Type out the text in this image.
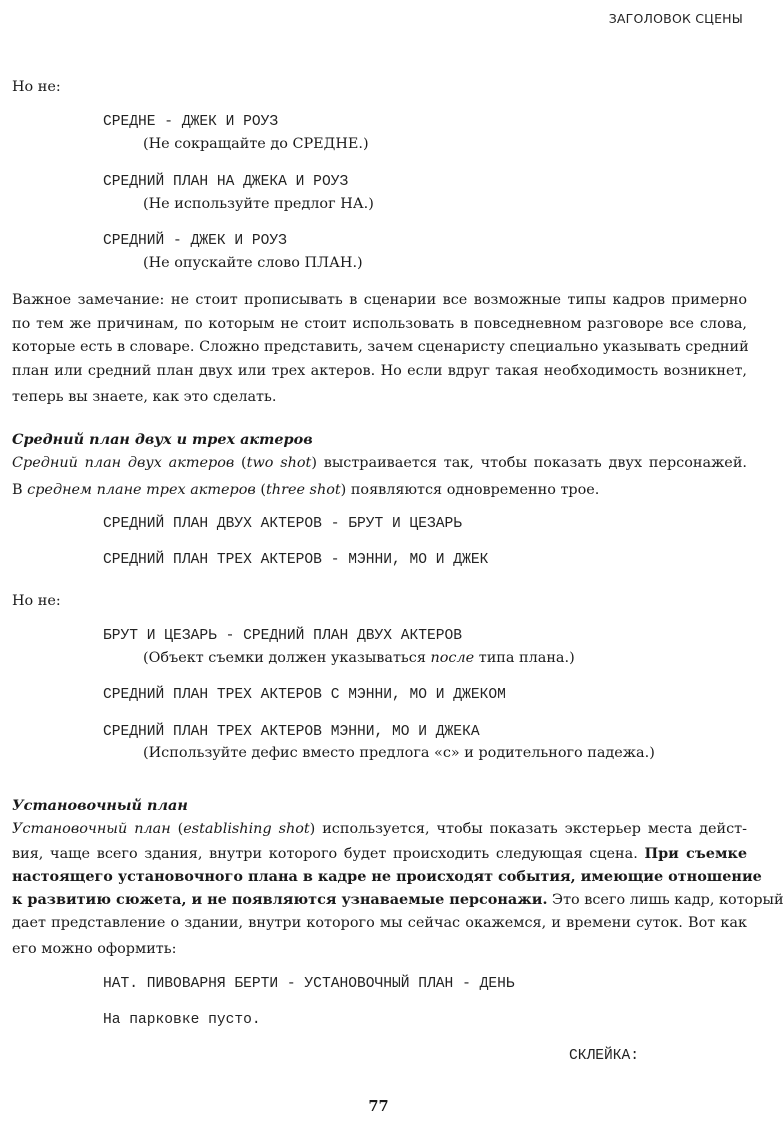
ЗАГОЛОВОК СЦЕНЫ
Но не:
СРЕДНЕ - ДЖЕК И РОУЗ
(Не сокращайте до СРЕДНЕ.)
СРЕДНИЙ ПЛАН НА ДЖЕКА И РОУЗ
(Не используйте предлог НА.)
СРЕДНИЙ - ДЖЕК И РОУЗ
(Не опускайте слово ПЛАН.)
Важное замечание: не стоит прописывать в сценарии все возможные типы кадров примерно
по тем же причинам, по которым не стоит использовать в повседневном разговоре все слова,
которые есть в словаре. Сложно представить, зачем сценаристу специально указывать средний
план или средний план двух или трех актеров. Но если вдруг такая необходимость возникнет,
теперь вы знаете, как это сделать.
Средний план двух и трех актеров
Средний план двух актеров (two shot) выстраивается так, чтобы показать двух персонажей.
В среднем плане трех актеров (three shot) появляются одновременно трое.
СРЕДНИЙ ПЛАН ДВУХ АКТЕРОВ - БРУТ И ЦЕЗАРЬ
СРЕДНИЙ ПЛАН ТРЕХ АКТЕРОВ - МЭННИ, МО И ДЖЕК
Но не:
БРУТ И ЦЕЗАРЬ - СРЕДНИЙ ПЛАН ДВУХ АКТЕРОВ
(Объект съемки должен указываться после типа плана.)
СРЕДНИЙ ПЛАН ТРЕХ АКТЕРОВ С МЭННИ, МО И ДЖЕКОМ
СРЕДНИЙ ПЛАН ТРЕХ АКТЕРОВ МЭННИ, МО И ДЖЕКА
(Используйте дефис вместо предлога «с» и родительного падежа.)
Установочный план
Установочный план (establishing shot) используется, чтобы показать экстерьер места дейст-
вия, чаще всего здания, внутри которого будет происходить следующая сцена. При съемке
настоящего установочного плана в кадре не происходят события, имеющие отношение
к развитию сюжета, и не появляются узнаваемые персонажи. Это всего лишь кадр, который
дает представление о здании, внутри которого мы сейчас окажемся, и времени суток. Вот как
его можно оформить:
НАТ. ПИВОВАРНЯ БЕРТИ - УСТАНОВОЧНЫЙ ПЛАН - ДЕНЬ
На парковке пусто.
СКЛЕЙКА:
77
